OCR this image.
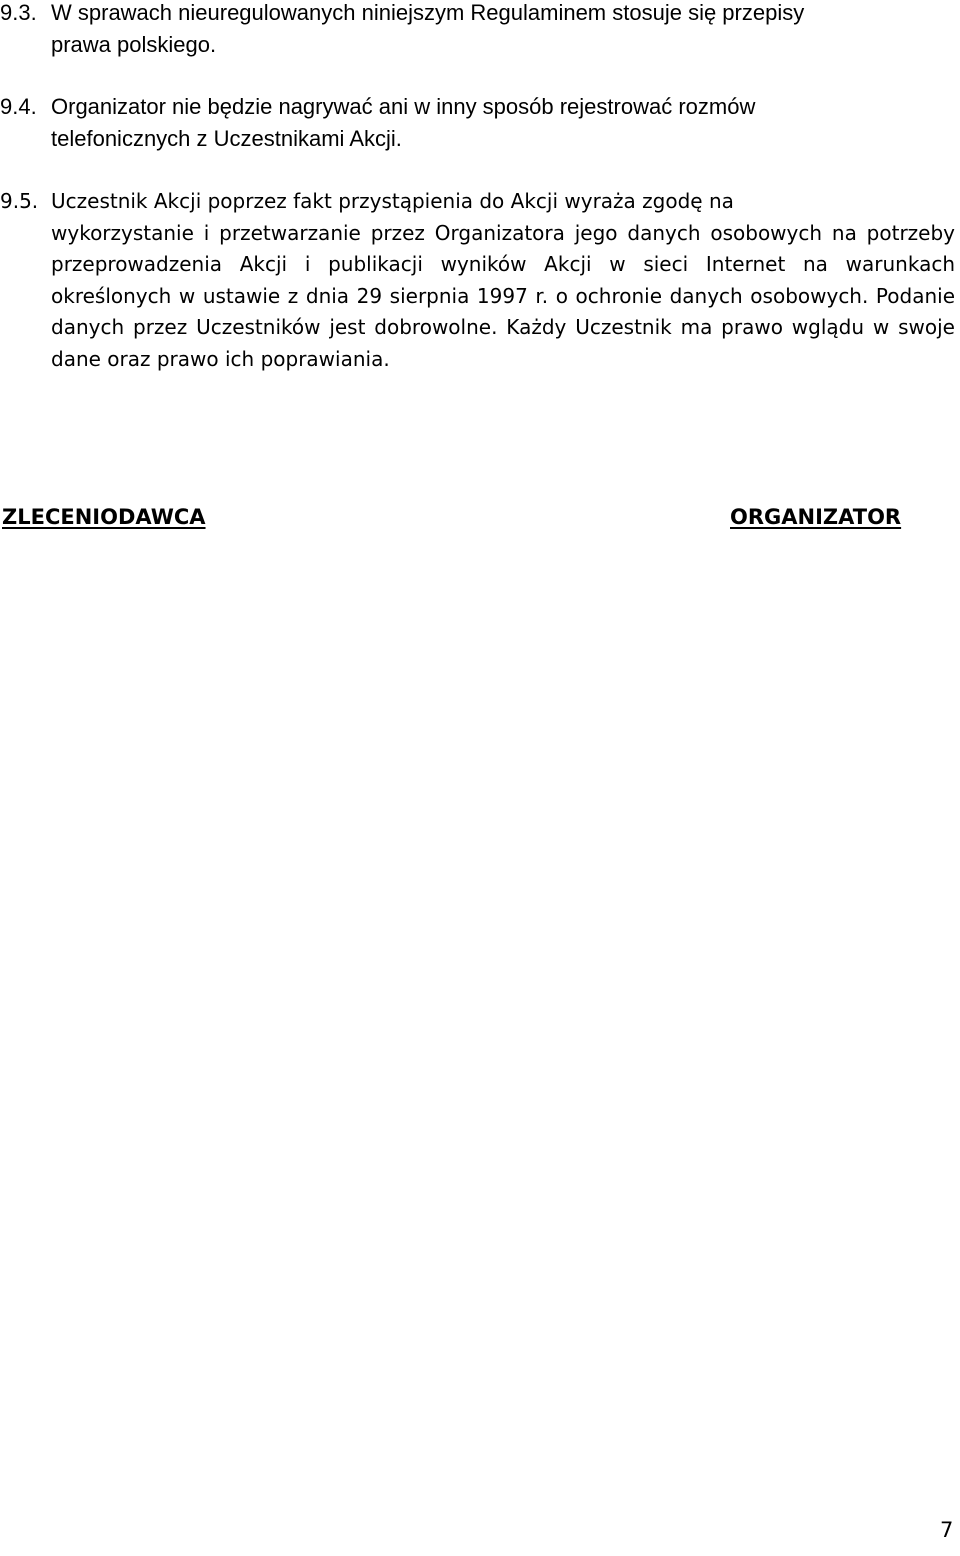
9.3. W sprawach nieuregulowanych niniejszym Regulaminem stosuje się przepisy
prawa polskiego.
9.4. Organizator nie będzie nagrywać ani w inny sposób rejestrować rozmów
telefonicznych z Uczestnikami Akcji.
9.5. Uczestnik Akcji poprzez fakt przystąpienia do Akcji wyraża zgodę na
wykorzystanie i przetwarzanie przez Organizatora jego danych osobowych na potrzeby przeprowadzenia Akcji i publikacji wyników Akcji w sieci Internet na warunkach określonych w ustawie z dnia 29 sierpnia 1997 r. o ochronie danych osobowych. Podanie danych przez Uczestników jest dobrowolne. Każdy Uczestnik ma prawo wglądu w swoje dane oraz prawo ich poprawiania.
ZLECENIODAWCA	ORGANIZATOR
7
